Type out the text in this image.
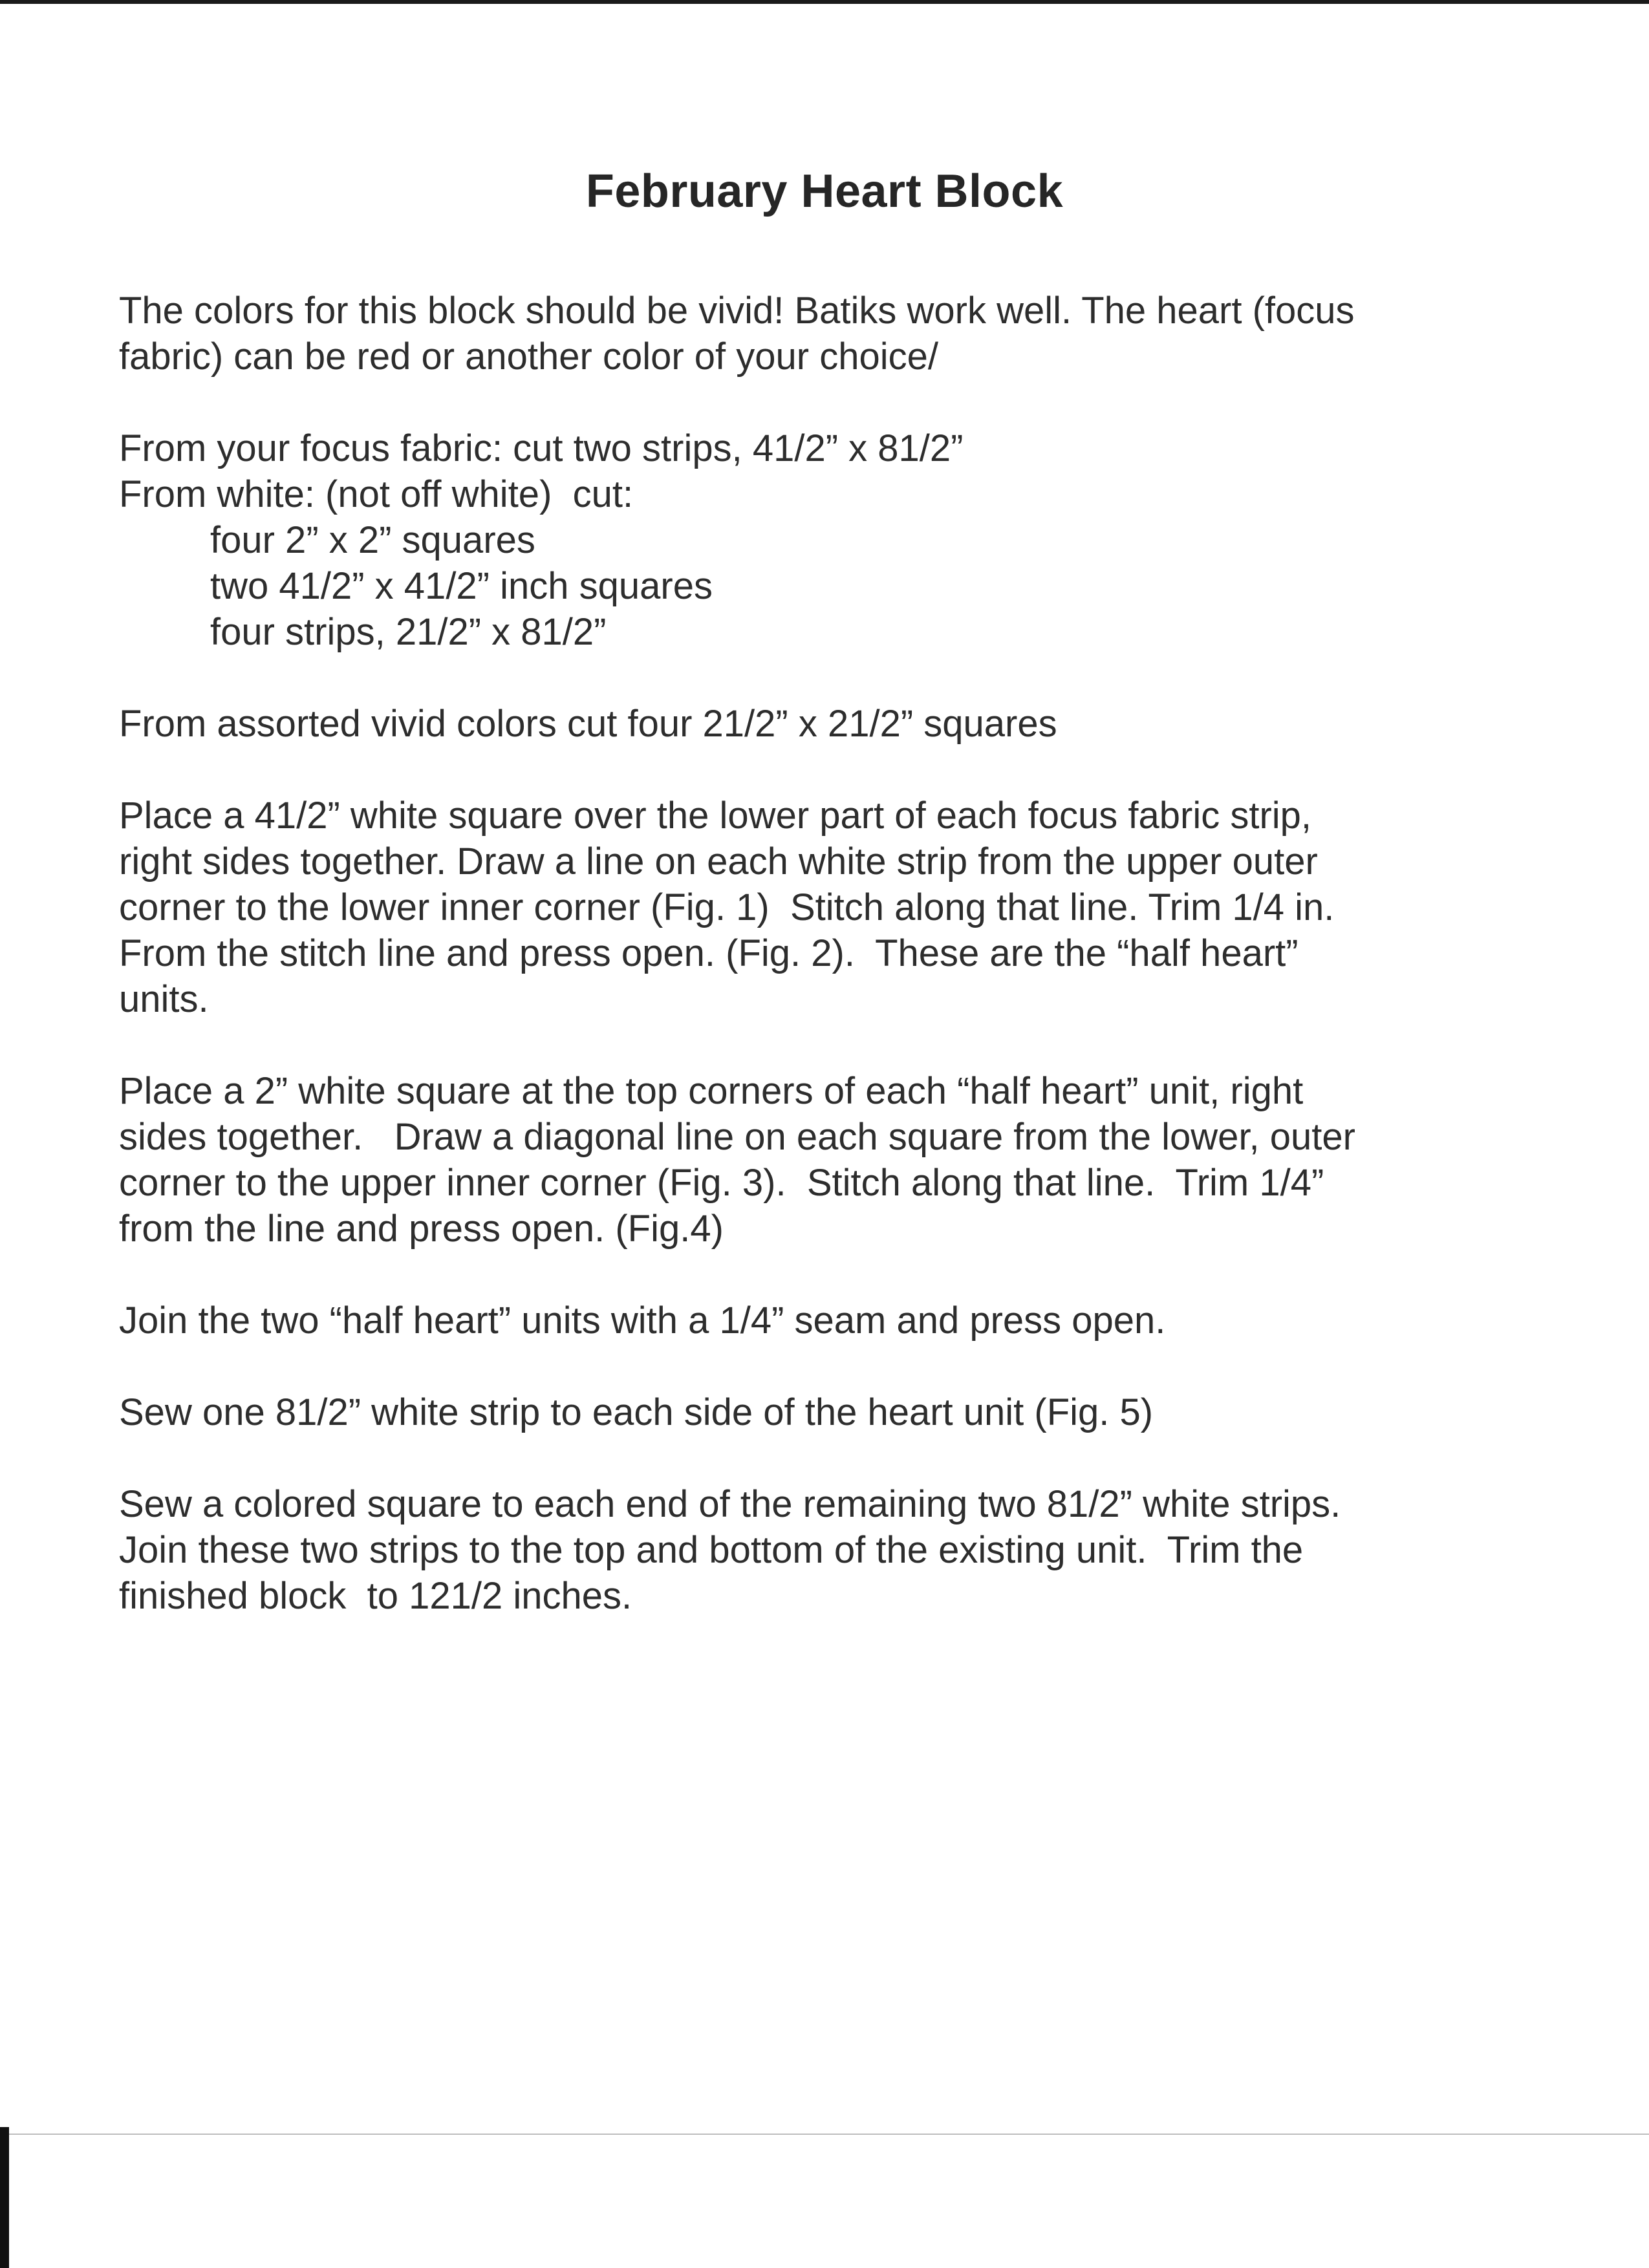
February Heart Block
The colors for this block should be vivid! Batiks work well. The heart (focus
fabric) can be red or another color of your choice/
From your focus fabric: cut two strips, 41/2” x 81/2”
From white: (not off white)  cut:
four 2” x 2” squares
two 41/2” x 41/2” inch squares
four strips, 21/2” x 81/2”
From assorted vivid colors cut four 21/2” x 21/2” squares
Place a 41/2” white square over the lower part of each focus fabric strip,
right sides together. Draw a line on each white strip from the upper outer
corner to the lower inner corner (Fig. 1)  Stitch along that line. Trim 1/4 in.
From the stitch line and press open. (Fig. 2).  These are the “half heart”
units.
Place a 2” white square at the top corners of each “half heart” unit, right
sides together.   Draw a diagonal line on each square from the lower, outer
corner to the upper inner corner (Fig. 3).  Stitch along that line.  Trim 1/4”
from the line and press open. (Fig.4)
Join the two “half heart” units with a 1/4” seam and press open.
Sew one 81/2” white strip to each side of the heart unit (Fig. 5)
Sew a colored square to each end of the remaining two 81/2” white strips.
Join these two strips to the top and bottom of the existing unit.  Trim the
finished block  to 121/2 inches.
